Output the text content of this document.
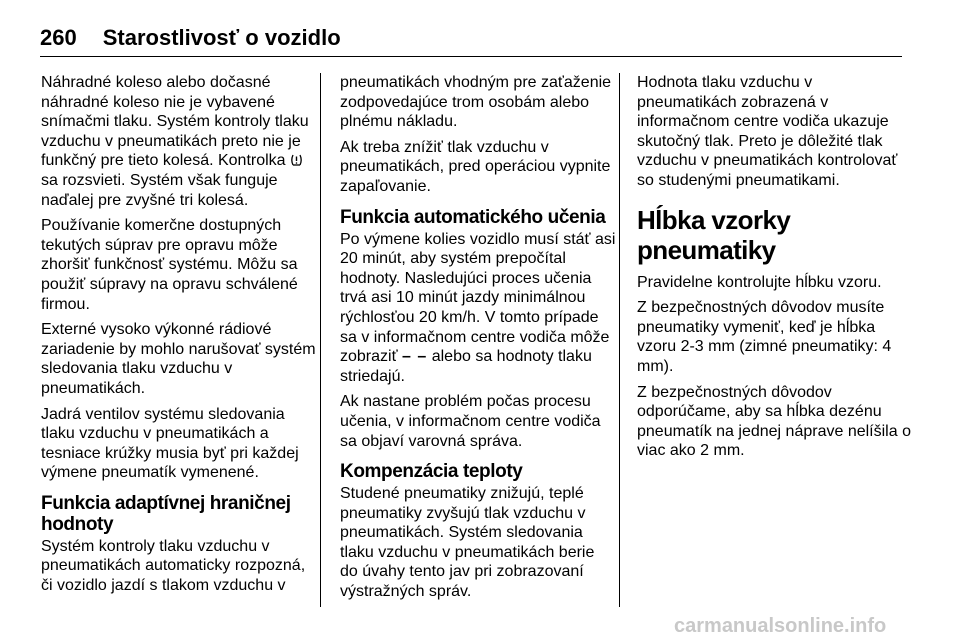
260 Starostlivosť o vozidlo

Náhradné koleso alebo dočasné náhradné koleso nie je vybavené snímačmi tlaku. Systém kontroly tlaku vzduchu v pneumatikách preto nie je funkčný pre tieto kolesá. Kontrolka  sa rozsvieti. Systém však funguje naďalej pre zvyšné tri kolesá.

Používanie komerčne dostupných tekutých súprav pre opravu môže zhoršiť funkčnosť systému. Môžu sa použiť súpravy na opravu schválené firmou.

Externé vysoko výkonné rádiové zariadenie by mohlo narušovať systém sledovania tlaku vzduchu v pneumatikách.

Jadrá ventilov systému sledovania tlaku vzduchu v pneumatikách a tesniace krúžky musia byť pri každej výmene pneumatík vymenené.

Funkcia adaptívnej hraničnej hodnoty

Systém kontroly tlaku vzduchu v pneumatikách automaticky rozpozná, či vozidlo jazdí s tlakom vzduchu v

pneumatikách vhodným pre zaťaženie zodpovedajúce trom osobám alebo plnému nákladu.

Ak treba znížiť tlak vzduchu v pneumatikách, pred operáciou vypnite zapaľovanie.

Funkcia automatického učenia

Po výmene kolies vozidlo musí stáť asi 20 minút, aby systém prepočítal hodnoty. Nasledujúci proces učenia trvá asi 10 minút jazdy minimálnou rýchlosťou 20 km/h. V tomto prípade sa v informačnom centre vodiča môže zobraziť – – alebo sa hodnoty tlaku striedajú.

Ak nastane problém počas procesu učenia, v informačnom centre vodiča sa objaví varovná správa.

Kompenzácia teploty

Studené pneumatiky znižujú, teplé pneumatiky zvyšujú tlak vzduchu v pneumatikách. Systém sledovania tlaku vzduchu v pneumatikách berie do úvahy tento jav pri zobrazovaní výstražných správ.

Hodnota tlaku vzduchu v pneumatikách zobrazená v informačnom centre vodiča ukazuje skutočný tlak. Preto je dôležité tlak vzduchu v pneumatikách kontrolovať so studenými pneumatikami.

Hĺbka vzorky pneumatiky

Pravidelne kontrolujte hĺbku vzoru.

Z bezpečnostných dôvodov musíte pneumatiky vymeniť, keď je hĺbka vzoru 2-3 mm (zimné pneumatiky: 4 mm).

Z bezpečnostných dôvodov odporúčame, aby sa hĺbka dezénu pneumatík na jednej náprave nelíšila o viac ako 2 mm.

carmanualsonline.info
